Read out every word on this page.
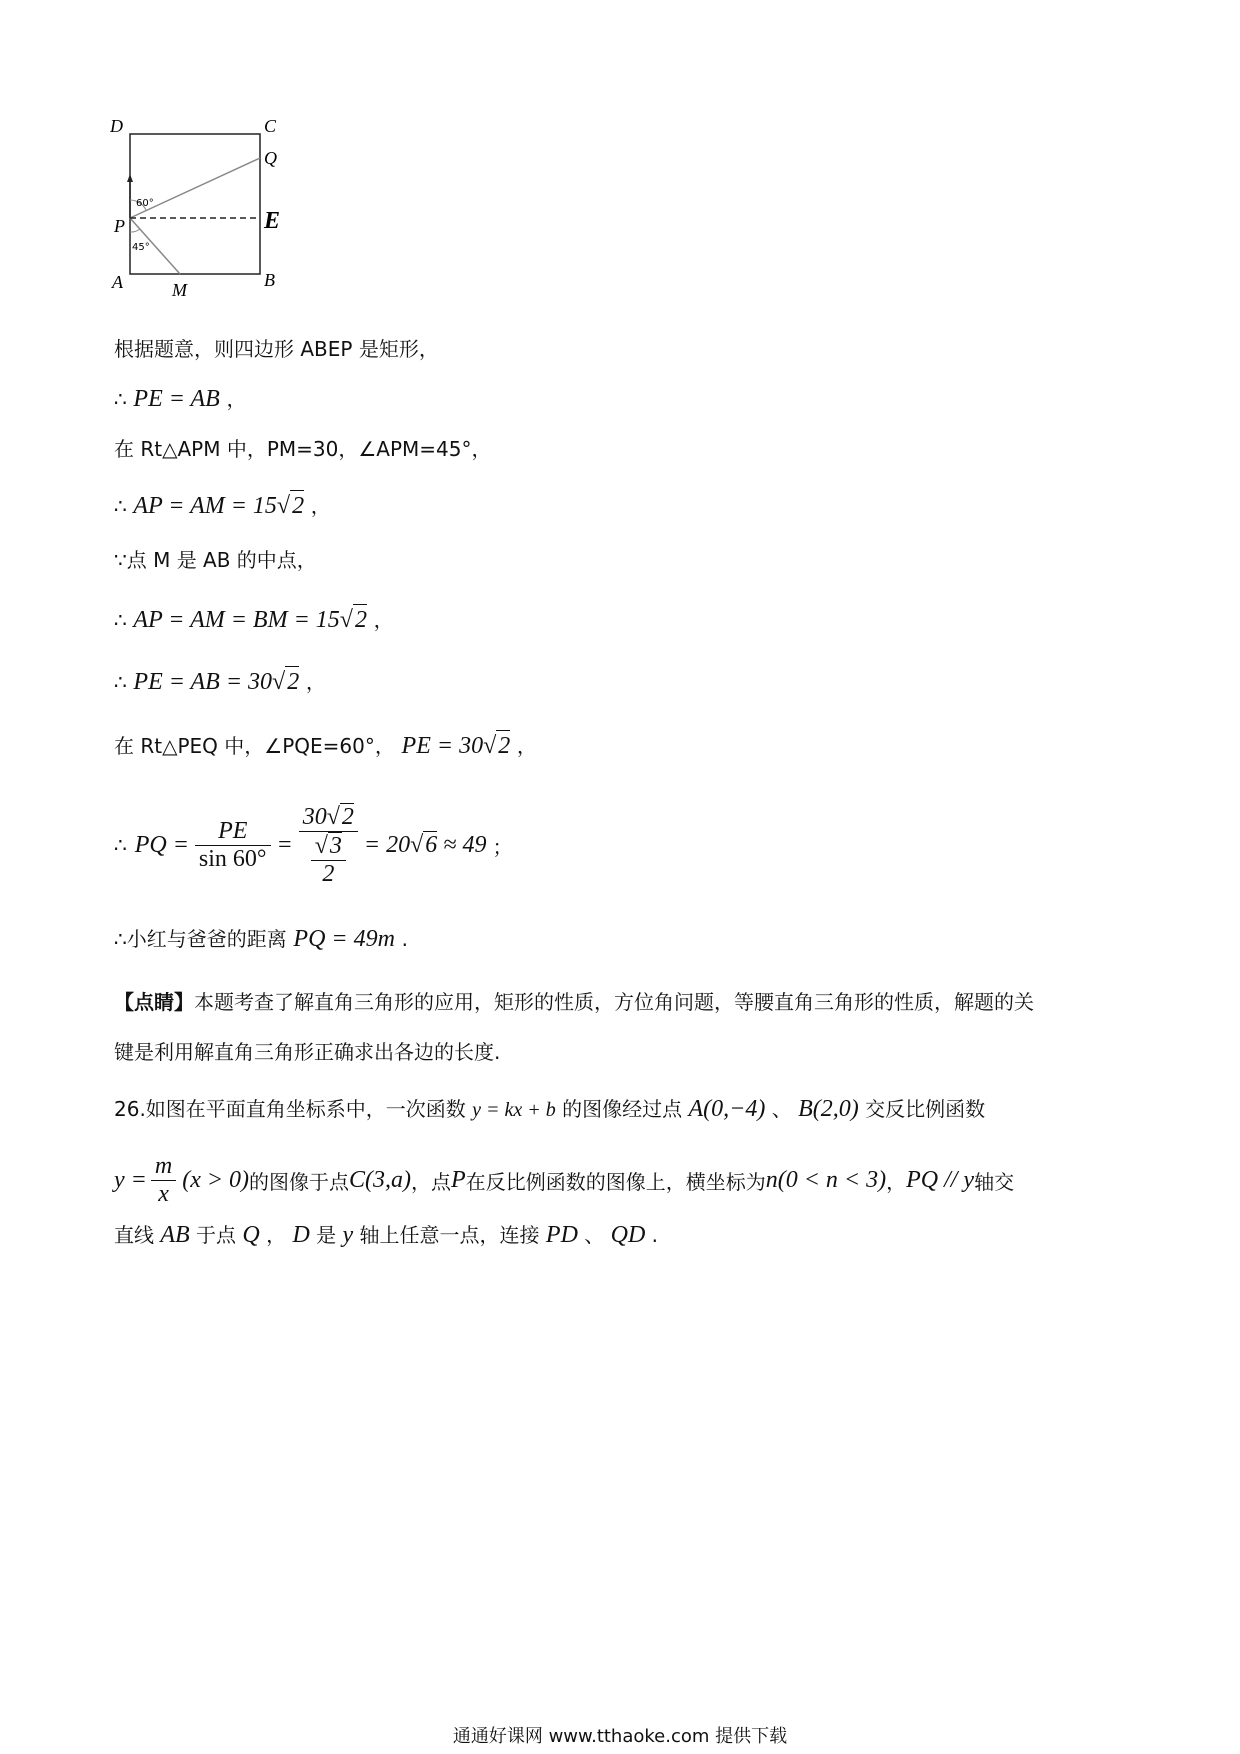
D	C
Q
E
P
A	B
M
60°
45°
根据题意，则四边形 ABEP 是矩形，
∴ PE = AB ，
在 Rt△APM 中，PM=30，∠APM=45°，
∴ AP = AM = 15√2 ，
∵点 M 是 AB 的中点，
∴ AP = AM = BM = 15√2 ，
∴ PE = AB = 30√2 ，
在 Rt△PEQ 中，∠PQE=60°， PE = 30√2 ，
∴ PQ = $\frac{PE}{\sin 60^\circ} = \frac{30√2}{\frac{√3}{2}} = 20$ √ 6 ≈ 49 ；
∴小红与爸爸的距离 PQ = 49m .
【点睛】本题考查了解直角三角形的应用，矩形的性质，方位角问题，等腰直角三角形的性质，解题的关
键是利用解直角三角形正确求出各边的长度.
26.如图在平面直角坐标系中，一次函数 y = kx + b 的图像经过点 A(0,−4) 、 B(2,0) 交反比例函数
$y = \frac{m}{x} (x > 0)$ 的图像于点 C(3,a) ，点 P 在反比例函数的图像上，横坐标为 n(0 < n < 3) ， PQ // y 轴交
直线 AB 于点 Q ， D 是 y 轴上任意一点，连接 PD 、 QD .
通通好课网 www.tthaoke.com 提供下载
